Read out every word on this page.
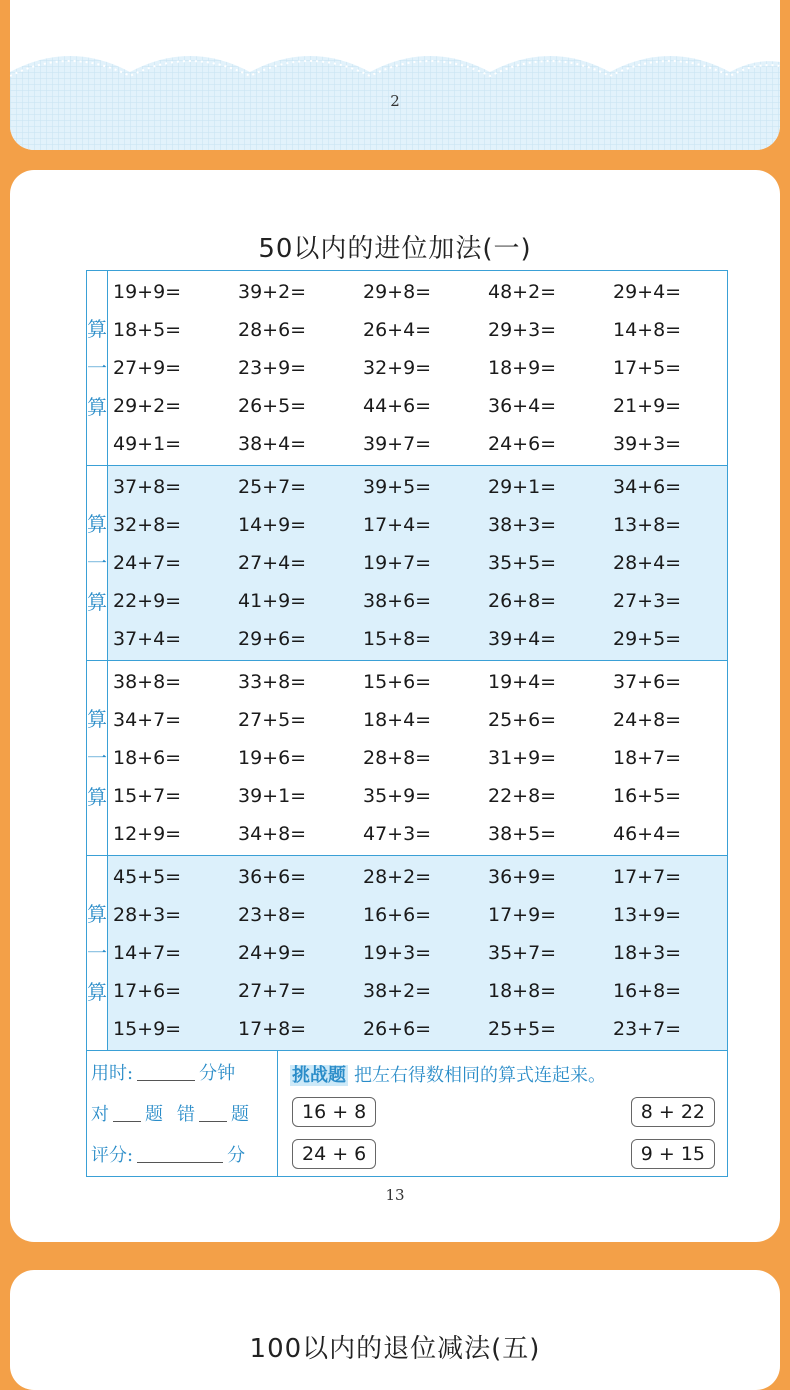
2
50以内的进位加法(一)
算
一
算
19+9=	39+2=	29+8=	48+2=	29+4=
18+5=	28+6=	26+4=	29+3=	14+8=
27+9=	23+9=	32+9=	18+9=	17+5=
29+2=	26+5=	44+6=	36+4=	21+9=
49+1=	38+4=	39+7=	24+6=	39+3=
算
一
算
37+8=	25+7=	39+5=	29+1=	34+6=
32+8=	14+9=	17+4=	38+3=	13+8=
24+7=	27+4=	19+7=	35+5=	28+4=
22+9=	41+9=	38+6=	26+8=	27+3=
37+4=	29+6=	15+8=	39+4=	29+5=
算
一
算
38+8=	33+8=	15+6=	19+4=	37+6=
34+7=	27+5=	18+4=	25+6=	24+8=
18+6=	19+6=	28+8=	31+9=	18+7=
15+7=	39+1=	35+9=	22+8=	16+5=
12+9=	34+8=	47+3=	38+5=	46+4=
算
一
算
45+5=	36+6=	28+2=	36+9=	17+7=
28+3=	23+8=	16+6=	17+9=	13+9=
14+7=	24+9=	19+3=	35+7=	18+3=
17+6=	27+7=	38+2=	18+8=	16+8=
15+9=	17+8=	26+6=	25+5=	23+7=
用时:	分钟
对 题 错 题
评分:	分
挑战题 把左右得数相同的算式连起来。
16 + 8
24 + 6
8 + 22
9 + 15
13
100以内的退位减法(五)
